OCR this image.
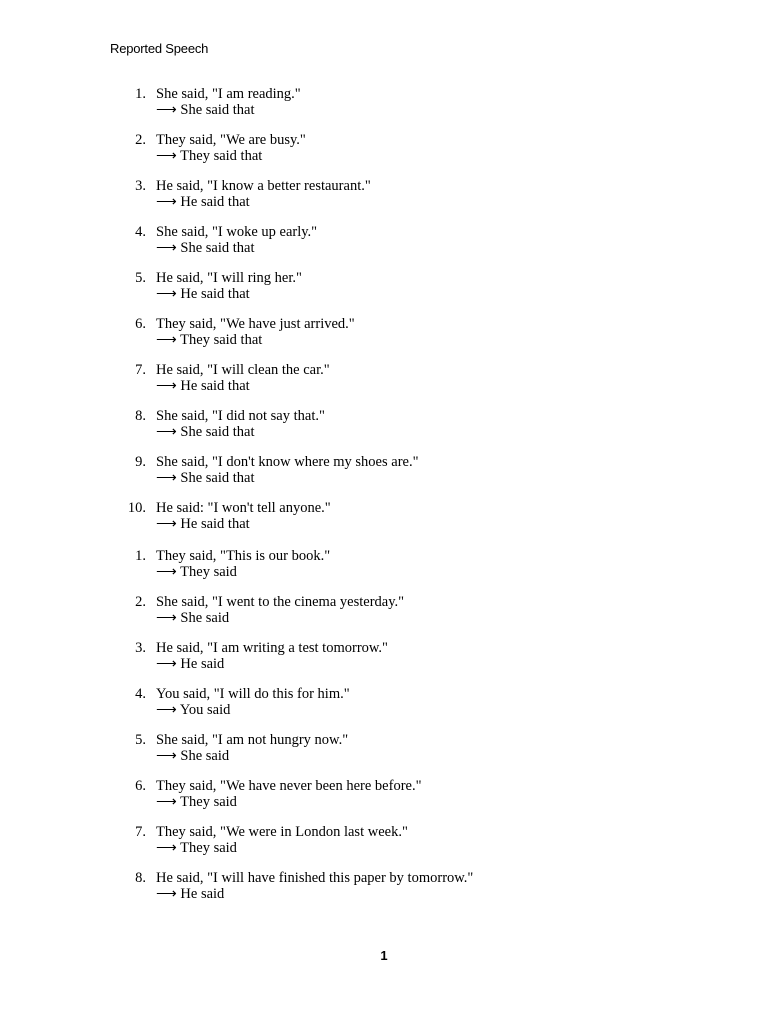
Reported Speech
1. She said, "I am reading."
⟶ She said that
2. They said, "We are busy."
⟶ They said that
3. He said, "I know a better restaurant."
⟶ He said that
4. She said, "I woke up early."
⟶ She said that
5. He said, "I will ring her."
⟶ He said that
6. They said, "We have just arrived."
⟶ They said that
7. He said, "I will clean the car."
⟶ He said that
8. She said, "I did not say that."
⟶ She said that
9. She said, "I don't know where my shoes are."
⟶ She said that
10. He said: "I won't tell anyone."
⟶ He said that
1. They said, "This is our book."
⟶ They said
2. She said, "I went to the cinema yesterday."
⟶ She said
3. He said, "I am writing a test tomorrow."
⟶ He said
4. You said, "I will do this for him."
⟶ You said
5. She said, "I am not hungry now."
⟶ She said
6. They said, "We have never been here before."
⟶ They said
7. They said, "We were in London last week."
⟶ They said
8. He said, "I will have finished this paper by tomorrow."
⟶ He said
1
